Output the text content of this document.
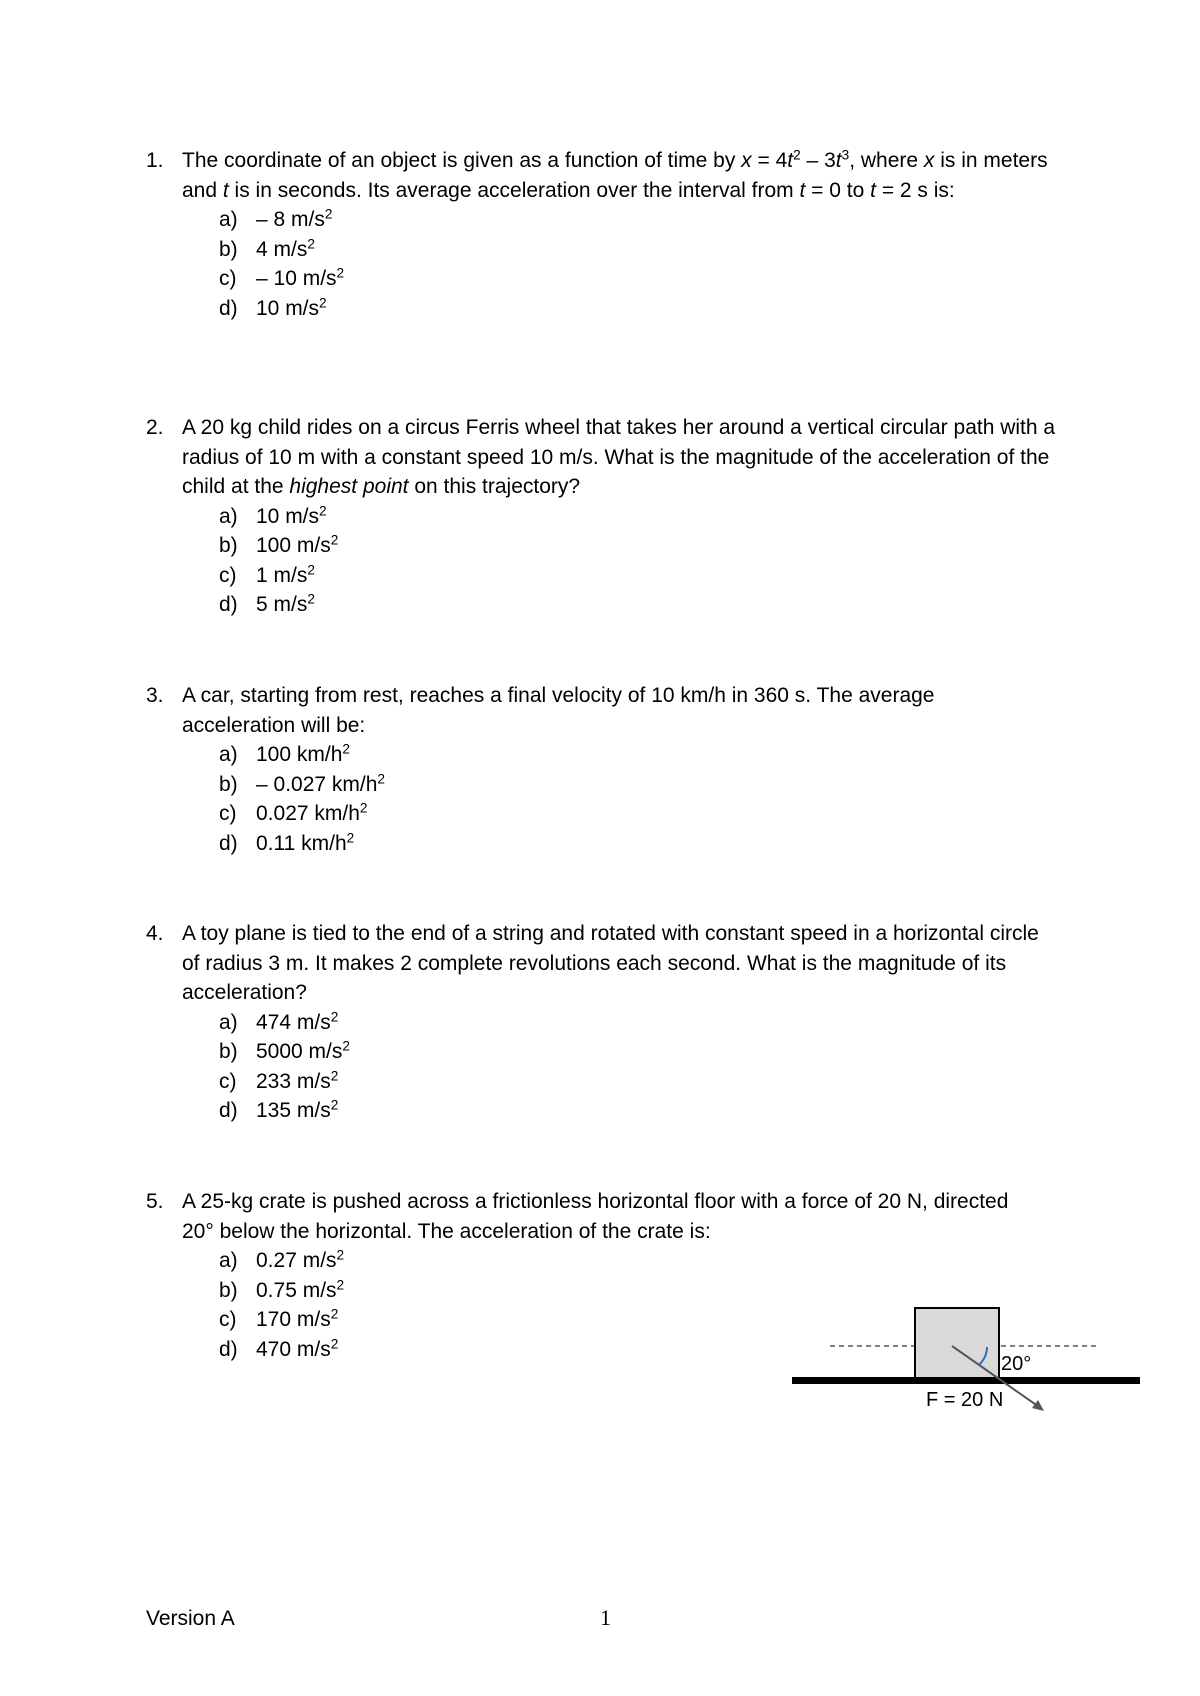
1. The coordinate of an object is given as a function of time by $x = 4t^2 - 3t^3$, where x is in meters and t is in seconds. Its average acceleration over the interval from t = 0 to t = 2 s is:
a) – 8 $m/s^2$
b) 4 $m/s^2$
c) – 10 $m/s^2$
d) 10 $m/s^2$
2. A 20 kg child rides on a circus Ferris wheel that takes her around a vertical circular path with a radius of 10 m with a constant speed 10 m/s. What is the magnitude of the acceleration of the child at the highest point on this trajectory?
a) 10 $m/s^2$
b) 100 $m/s^2$
c) 1 $m/s^2$
d) 5 $m/s^2$
3. A car, starting from rest, reaches a final velocity of 10 km/h in 360 s. The average acceleration will be:
a) 100 $km/h^2$
b) – 0.027 $km/h^2$
c) 0.027 $km/h^2$
d) 0.11 $km/h^2$
4. A toy plane is tied to the end of a string and rotated with constant speed in a horizontal circle of radius 3 m. It makes 2 complete revolutions each second. What is the magnitude of its acceleration?
a) 474 $m/s^2$
b) 5000 $m/s^2$
c) 233 $m/s^2$
d) 135 $m/s^2$
5. A 25-kg crate is pushed across a frictionless horizontal floor with a force of 20 N, directed 20° below the horizontal. The acceleration of the crate is:
a) 0.27 $m/s^2$
b) 0.75 $m/s^2$
c) 170 $m/s^2$
d) 470 $m/s^2$
20°
F = 20 N
Version A	1
